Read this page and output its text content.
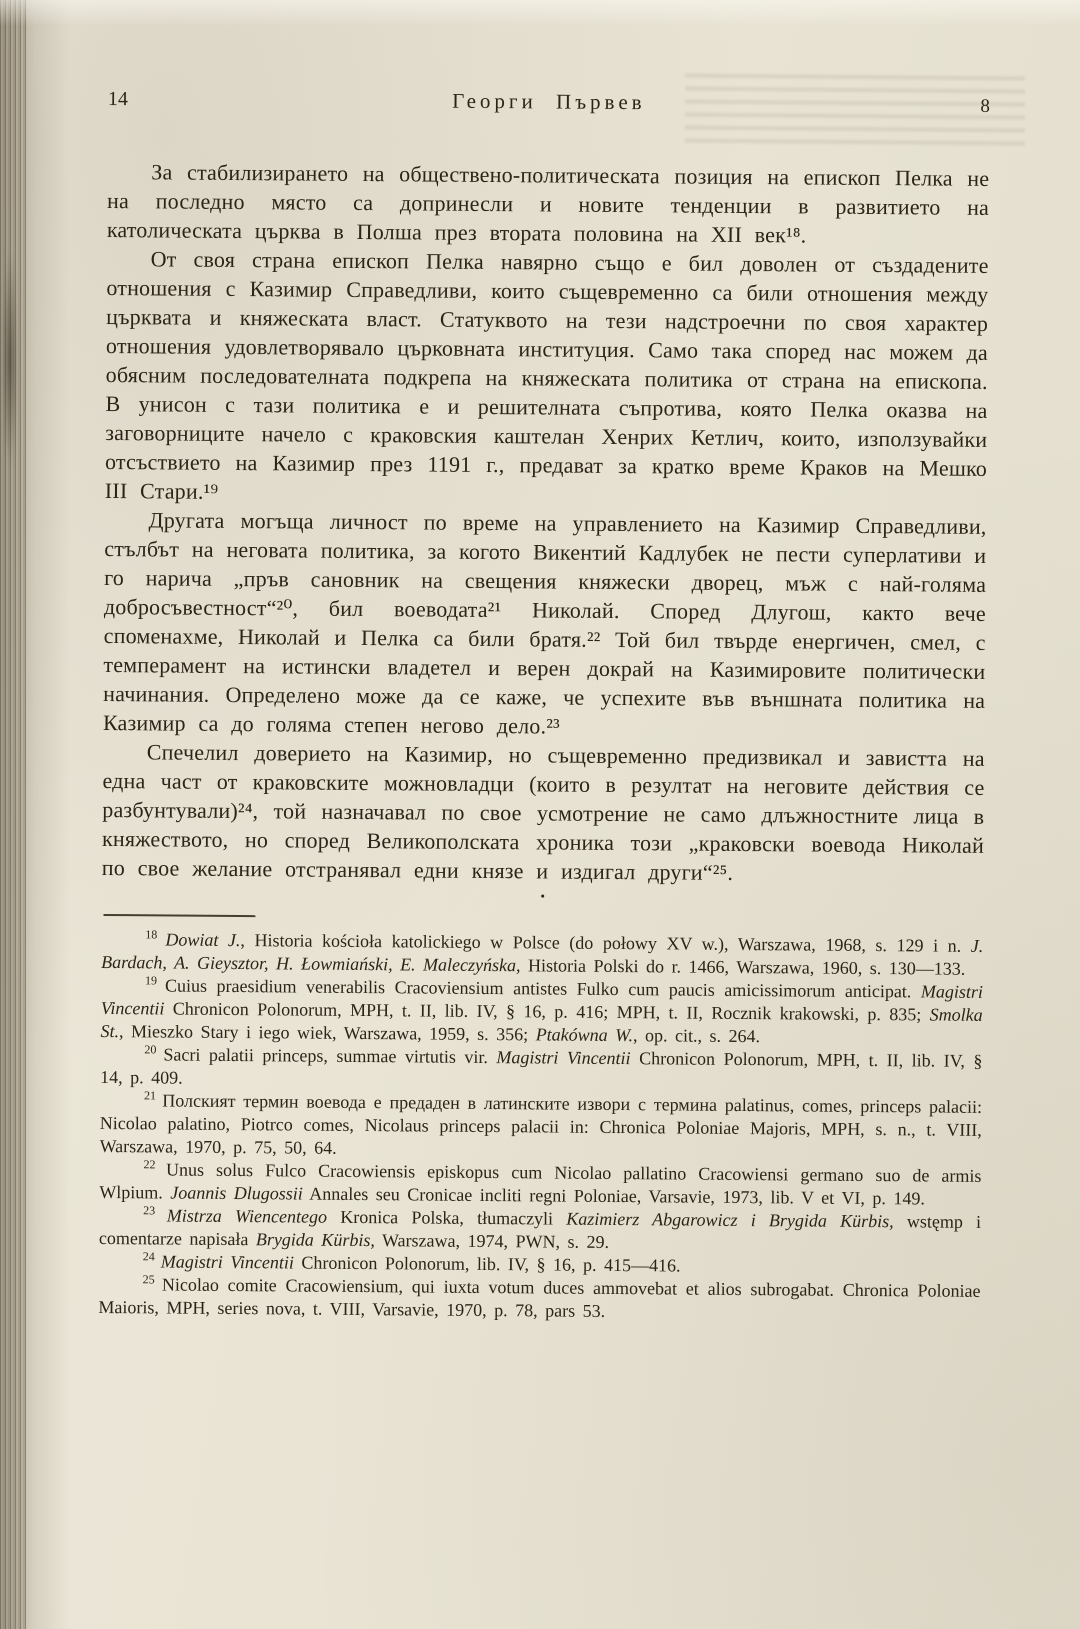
14	Георги Първев	8

За стабилизирането на обществено-политическата позиция на епископ Пелка не на последно място са допринесли и новите тенденции в развитието на католическата църква в Полша през втората половина на XII век¹⁸.

От своя страна епископ Пелка навярно също е бил доволен от създадените отношения с Казимир Справедливи, които същевременно са били отношения между църквата и княжеската власт. Статуквото на тези надстроечни по своя характер отношения удовлетворявало църковната институция. Само така според нас можем да обясним последователната подкрепа на княжеската политика от страна на епископа. В унисон с тази политика е и решителната съпротива, която Пелка оказва на заговорниците начело с краковския каштелан Хенрих Кетлич, които, използувайки отсъствието на Казимир през 1191 г., предават за кратко време Краков на Мешко III Стари.¹⁹

Другата могъща личност по време на управлението на Казимир Справедливи, стълбът на неговата политика, за когото Викентий Кадлубек не пести суперлативи и го нарича „пръв сановник на свещения княжески дворец, мъж с най-голяма добросъвестност“²⁰, бил воеводата²¹ Николай. Според Длугош, както вече споменахме, Николай и Пелка са били братя.²² Той бил твърде енергичен, смел, с темперамент на истински владетел и верен докрай на Казимировите политически начинания. Определено може да се каже, че успехите във външната политика на Казимир са до голяма степен негово дело.²³

Спечелил доверието на Казимир, но същевременно предизвикал и завистта на една част от краковските можновладци (които в резултат на неговите действия се разбунтували)²⁴, той назначавал по свое усмотрение не само длъжностните лица в княжеството, но според Великополската хроника този „краковски воевода Николай по свое желание отстранявал едни князе и издигал други“²⁵.

•

$^{18}$ Dowiat J., Historia kościoła katolickiego w Polsce (do połowy XV w.), Warszawa, 1968, s. 129 i n. J. Bardach, A. Gieysztor, H. Łowmiański, E. Maleczyńska, Historia Polski do r. 1466, Warszawa, 1960, s. 130—133.

$^{19}$ Cuius praesidium venerabilis Cracoviensium antistes Fulko cum paucis amicissimorum anticipat. Magistri Vincentii Chronicon Polonorum, MPH, t. II, lib. IV, § 16, p. 416; MPH, t. II, Rocznik krakowski, p. 835; Smolka St., Mieszko Stary i iego wiek, Warszawa, 1959, s. 356; Ptakówna W., op. cit., s. 264.

$^{20}$ Sacri palatii princeps, summae virtutis vir. Magistri Vincentii Chronicon Polonorum, MPH, t. II, lib. IV, § 14, p. 409.

$^{21}$ Полският термин воевода е предаден в латинските извори с термина palatinus, comes, princeps palacii: Nicolao palatino, Piotrco comes, Nicolaus princeps palacii in: Chronica Poloniae Majoris, MPH, s. n., t. VIII, Warszawa, 1970, p. 75, 50, 64.

$^{22}$ Unus solus Fulco Cracowiensis episkopus cum Nicolao pallatino Cracowiensi germano suo de armis Wlpium. Joannis Dlugossii Annales seu Cronicae incliti regni Poloniae, Varsavie, 1973, lib. V et VI, p. 149.

$^{23}$ Mistrza Wiencentego Kronica Polska, tłumaczyli Kazimierz Abgarowicz i Brygida Kürbis, wstęmp i comentarze napisała Brygida Kürbis, Warszawa, 1974, PWN, s. 29.

$^{24}$ Magistri Vincentii Chronicon Polonorum, lib. IV, § 16, p. 415—416.

$^{25}$ Nicolao comite Cracowiensium, qui iuxta votum duces ammovebat et alios subrogabat. Chronica Poloniae Maioris, MPH, series nova, t. VIII, Varsavie, 1970, p. 78, pars 53.
